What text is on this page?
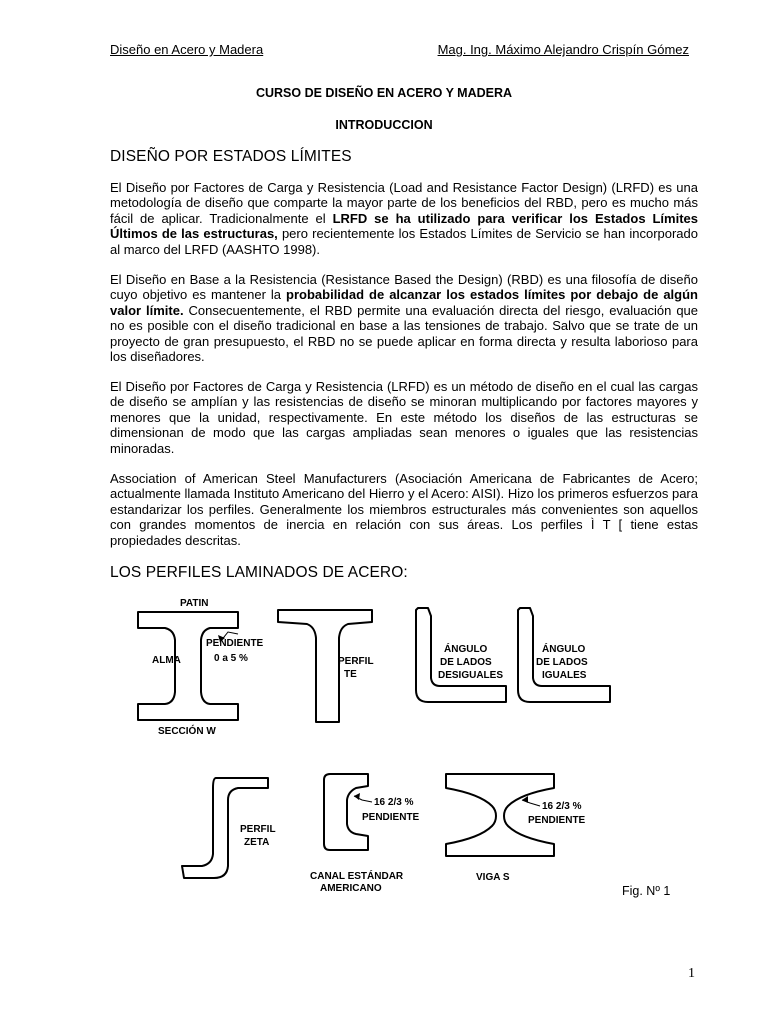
Diseño en Acero y Madera	Mag. Ing. Máximo Alejandro Crispín Gómez
CURSO DE DISEÑO EN ACERO Y MADERA
INTRODUCCION
DISEÑO POR ESTADOS LÍMITES
El Diseño por Factores de Carga y Resistencia (Load and Resistance Factor Design) (LRFD) es una metodología de diseño que comparte la mayor parte de los beneficios del RBD, pero es mucho más fácil de aplicar. Tradicionalmente el LRFD se ha utilizado para verificar los Estados Límites Últimos de las estructuras, pero recientemente los Estados Límites de Servicio se han incorporado al marco del LRFD (AASHTO 1998).
El Diseño en Base a la Resistencia (Resistance Based the Design) (RBD) es una filosofía de diseño cuyo objetivo es mantener la probabilidad de alcanzar los estados límites por debajo de algún valor límite. Consecuentemente, el RBD permite una evaluación directa del riesgo, evaluación que no es posible con el diseño tradicional en base a las tensiones de trabajo. Salvo que se trate de un proyecto de gran presupuesto, el RBD no se puede aplicar en forma directa y resulta laborioso para los diseñadores.
El Diseño por Factores de Carga y Resistencia (LRFD) es un método de diseño en el cual las cargas de diseño se amplían y las resistencias de diseño se minoran multiplicando por factores mayores y menores que la unidad, respectivamente. En este método los diseños de las estructuras se dimensionan de modo que las cargas ampliadas sean menores o iguales que las resistencias minoradas.
Association of American Steel Manufacturers (Asociación Americana de Fabricantes de Acero; actualmente llamada Instituto Americano del Hierro y el Acero: AISI). Hizo los primeros esfuerzos para estandarizar los perfiles. Generalmente los miembros estructurales más convenientes son aquellos con grandes momentos de inercia en relación con sus áreas. Los perfiles Ì T [ tiene estas propiedades descritas.
LOS PERFILES LAMINADOS DE ACERO:
PATIN
ALMA
PENDIENTE
0 a 5 %
SECCIÓN W
PERFIL
TE
ÁNGULO
DE LADOS
DESIGUALES
ÁNGULO
DE LADOS
IGUALES
PERFIL
ZETA
16 2/3 %
PENDIENTE
CANAL ESTÁNDAR
AMERICANO
16 2/3 %
PENDIENTE
VIGA S
Fig. Nº 1
1
